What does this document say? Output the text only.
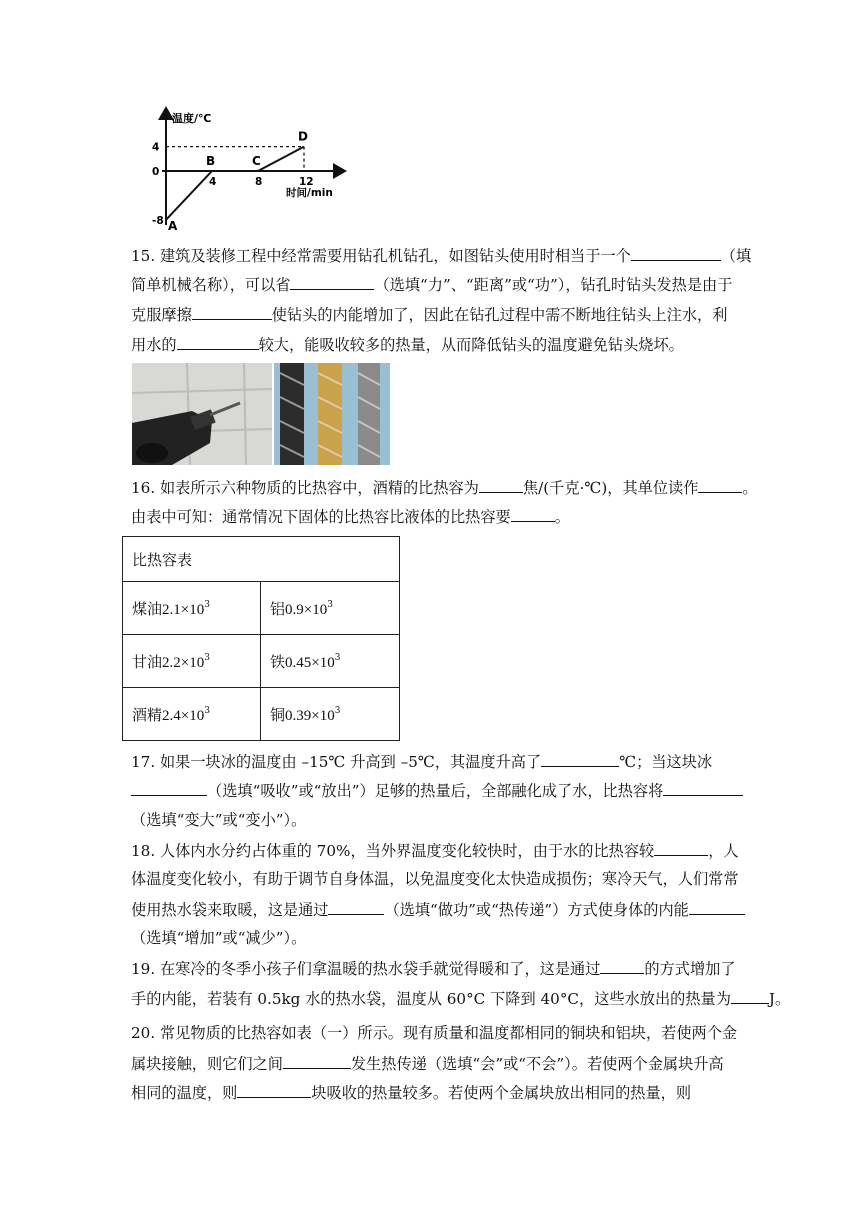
4
0
-8
4	8	12
A
B	C
D
温度/℃
时间/min
15. 建筑及装修工程中经常需要用钻孔机钻孔，如图钻头使用时相当于一个	（填
简单机械名称），可以省	（选填“力”、“距离”或“功”），钻孔时钻头发热是由于
克服摩擦	使钻头的内能增加了，因此在钻孔过程中需不断地往钻头上注水，利
用水的	较大，能吸收较多的热量，从而降低钻头的温度避免钻头烧坏。
16. 如表所示六种物质的比热容中，酒精的比热容为	焦/(千克·℃)，其单位读作	。
由表中可知：通常情况下固体的比热容比液体的比热容要	。
比热容表	
煤油$2.1\times 10^3$	铝$0.9\times 10^3$
甘油$2.2\times 10^3$	铁$0.45\times 10^3$
酒精$2.4\times 10^3$	铜$0.39\times 10^3$
17. 如果一块冰的温度由 –15℃ 升高到 –5℃，其温度升高了	℃；当这块冰
（选填“吸收”或“放出”）足够的热量后，全部融化成了水，比热容将
（选填“变大”或“变小”）。
18. 人体内水分约占体重的 70%，当外界温度变化较快时，由于水的比热容较	，人
体温度变化较小，有助于调节自身体温，以免温度变化太快造成损伤；寒冷天气，人们常常
使用热水袋来取暖，这是通过	（选填“做功”或“热传递”）方式使身体的内能
（选填“增加”或“减少”）。
19. 在寒冷的冬季小孩子们拿温暖的热水袋手就觉得暖和了，这是通过	的方式增加了
手的内能，若装有 0.5kg 水的热水袋，温度从 60°C 下降到 40°C，这些水放出的热量为	J。
20. 常见物质的比热容如表（一）所示。现有质量和温度都相同的铜块和铝块，若使两个金
属块接触，则它们之间	发生热传递（选填“会”或“不会”）。若使两个金属块升高
相同的温度，则	块吸收的热量较多。若使两个金属块放出相同的热量，则
